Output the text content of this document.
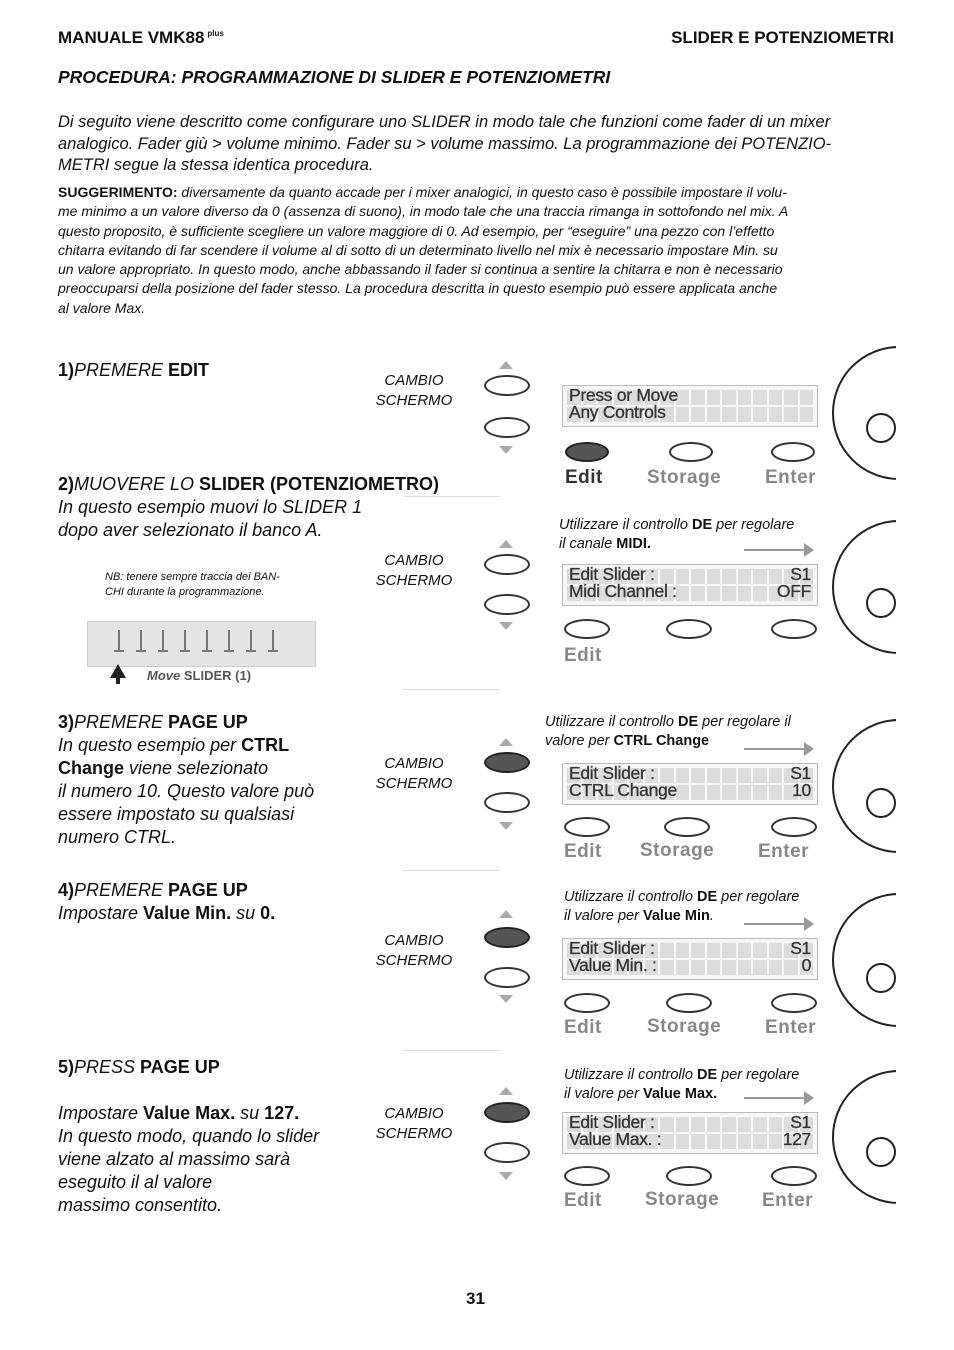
MANUALE VMK88 $^{plus}$	SLIDER E POTENZIOMETRI
PROCEDURA: PROGRAMMAZIONE DI SLIDER E POTENZIOMETRI
Di seguito viene descritto come configurare uno SLIDER in modo tale che funzioni come fader di un mixer
analogico. Fader giù > volume minimo. Fader su > volume massimo. La programmazione dei POTENZIO-
METRI segue la stessa identica procedura.
SUGGERIMENTO: diversamente da quanto accade per i mixer analogici, in questo caso è possibile impostare il volu-
me minimo a un valore diverso da 0 (assenza di suono), in modo tale che una traccia rimanga in sottofondo nel mix. A
questo proposito, è sufficiente scegliere un valore maggiore di 0. Ad esempio, per “eseguire” una pezzo con l’effetto
chitarra evitando di far scendere il volume al di sotto di un determinato livello nel mix è necessario impostare Min. su
un valore appropriato. In questo modo, anche abbassando il fader si continua a sentire la chitarra e non è necessario
preoccuparsi della posizione del fader stesso. La procedura descritta in questo esempio può essere applicata anche
al valore Max.
1)PREMERE EDIT
CAMBIO
SCHERMO	Press or Move
Any Controls
Edit Storage Enter
2)MUOVERE LO SLIDER (POTENZIOMETRO)
In questo esempio muovi lo SLIDER 1
dopo aver selezionato il banco A.
NB: tenere sempre traccia dei BAN-
CHI durante la programmazione.
Move SLIDER (1)
CAMBIO
SCHERMO
Utilizzare il controllo DE per regolare
il canale MIDI.
Edit Slider :	S1
Midi Channel :	OFF
Edit
3)PREMERE PAGE UP
In questo esempio per CTRL
Change viene selezionato
il numero 10. Questo valore può
essere impostato su qualsiasi
numero CTRL.
CAMBIO
SCHERMO
Utilizzare il controllo DE per regolare il
valore per CTRL Change
Edit Slider :	S1
CTRL Change	10
Edit Storage Enter
4)PREMERE PAGE UP
Impostare Value Min. su 0.
CAMBIO
SCHERMO
Utilizzare il controllo DE per regolare
il valore per Value Min.
Edit Slider :	S1
Value Min. :	0
Edit Storage Enter
5)PRESS PAGE UP
Impostare Value Max. su 127.
In questo modo, quando lo slider
viene alzato al massimo sarà
eseguito il al valore
massimo consentito.
CAMBIO
SCHERMO
Utilizzare il controllo DE per regolare
il valore per Value Max.
Edit Slider :	S1
Value Max. :	127
Edit Storage Enter
31
